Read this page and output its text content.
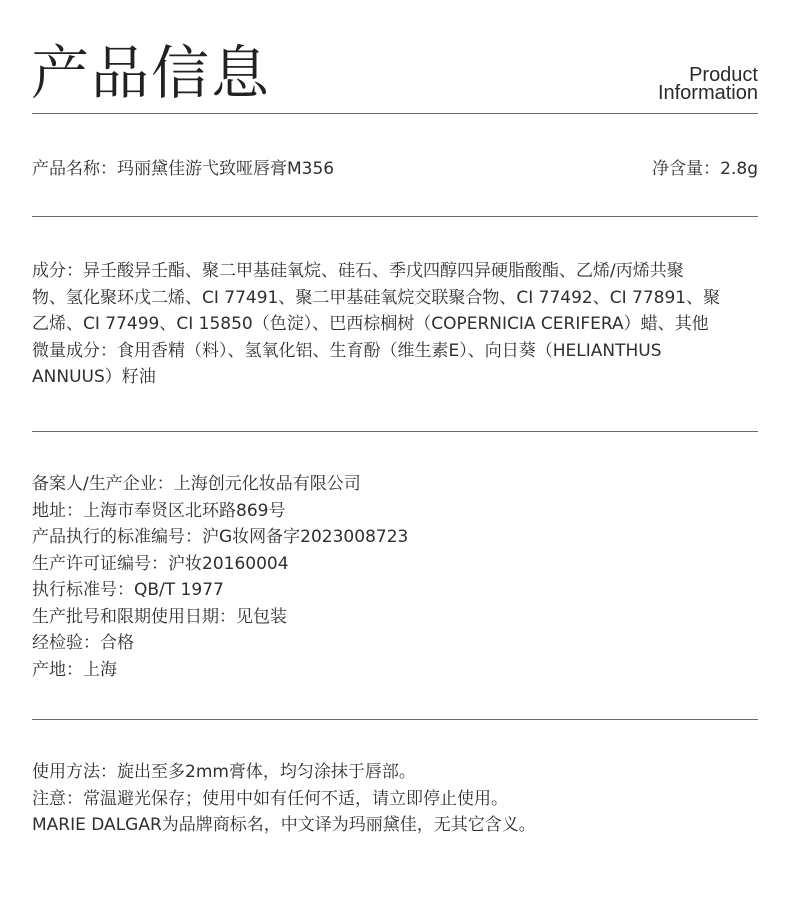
产品信息	Product
Information
产品名称：玛丽黛佳游弋致哑唇膏M356	净含量：2.8g
成分：异壬酸异壬酯、聚二甲基硅氧烷、硅石、季戊四醇四异硬脂酸酯、乙烯/丙烯共聚
物、氢化聚环戊二烯、CI 77491、聚二甲基硅氧烷交联聚合物、CI 77492、CI 77891、聚
乙烯、CI 77499、CI 15850（色淀）、巴西棕榈树（COPERNICIA CERIFERA）蜡、其他
微量成分：食用香精（料）、氢氧化铝、生育酚（维生素E）、向日葵（HELIANTHUS
ANNUUS）籽油
备案人/生产企业：上海创元化妆品有限公司
地址：上海市奉贤区北环路869号
产品执行的标准编号：沪G妆网备字2023008723
生产许可证编号：沪妆20160004
执行标准号：QB/T 1977
生产批号和限期使用日期：见包装
经检验：合格
产地：上海
使用方法：旋出至多2mm膏体，均匀涂抹于唇部。
注意：常温避光保存；使用中如有任何不适，请立即停止使用。
MARIE DALGAR为品牌商标名，中文译为玛丽黛佳，无其它含义。
